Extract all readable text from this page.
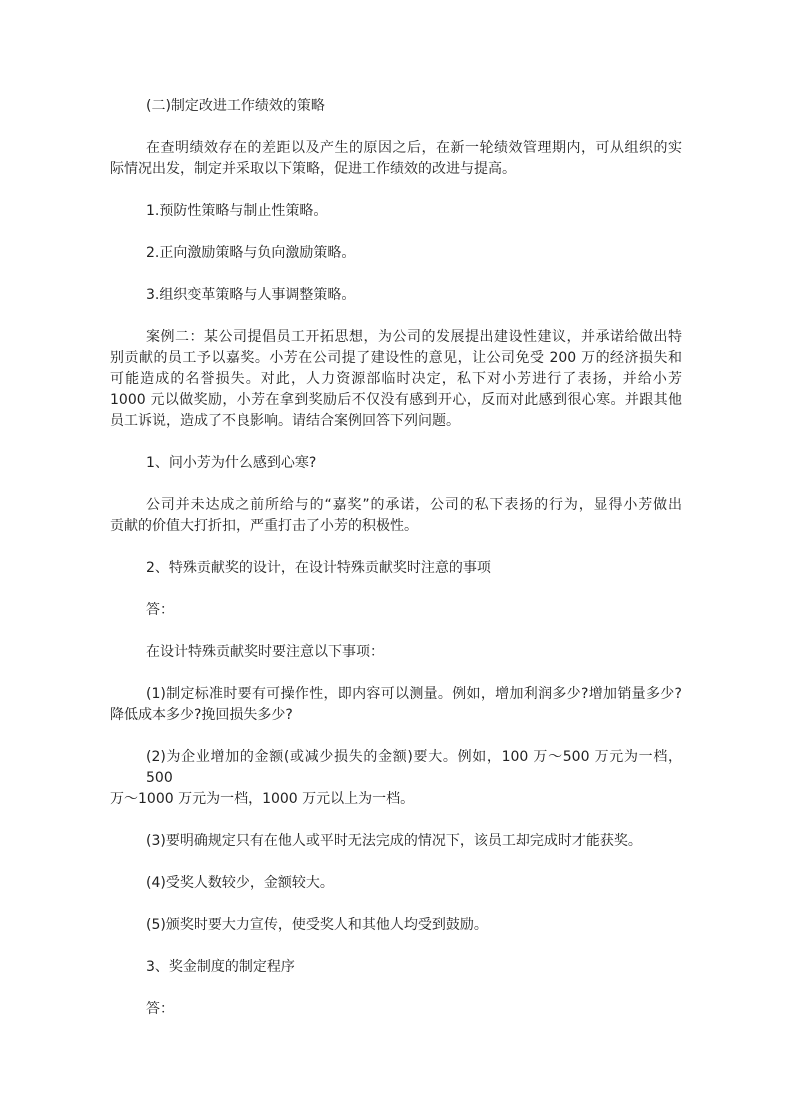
(二)制定改进工作绩效的策略

在查明绩效存在的差距以及产生的原因之后，在新一轮绩效管理期内，可从组织的实
际情况出发，制定并采取以下策略，促进工作绩效的改进与提高。

1.预防性策略与制止性策略。

2.正向激励策略与负向激励策略。

3.组织变革策略与人事调整策略。

案例二：某公司提倡员工开拓思想，为公司的发展提出建设性建议，并承诺给做出特
别贡献的员工予以嘉奖。小芳在公司提了建设性的意见，让公司免受 200 万的经济损失和
可能造成的名誉损失。对此，人力资源部临时决定，私下对小芳进行了表扬，并给小芳
1000 元以做奖励，小芳在拿到奖励后不仅没有感到开心，反而对此感到很心寒。并跟其他
员工诉说，造成了不良影响。请结合案例回答下列问题。

1、问小芳为什么感到心寒?

公司并未达成之前所给与的“嘉奖”的承诺，公司的私下表扬的行为，显得小芳做出
贡献的价值大打折扣，严重打击了小芳的积极性。

2、特殊贡献奖的设计，在设计特殊贡献奖时注意的事项

答：

在设计特殊贡献奖时要注意以下事项：

(1)制定标准时要有可操作性，即内容可以测量。例如，增加利润多少?增加销量多少?
降低成本多少?挽回损失多少?

(2)为企业增加的金额(或减少损失的金额)要大。例如，100 万～500 万元为一档，500
万～1000 万元为一档，1000 万元以上为一档。

(3)要明确规定只有在他人或平时无法完成的情况下，该员工却完成时才能获奖。

(4)受奖人数较少，金额较大。

(5)颁奖时要大力宣传，使受奖人和其他人均受到鼓励。

3、奖金制度的制定程序

答：
